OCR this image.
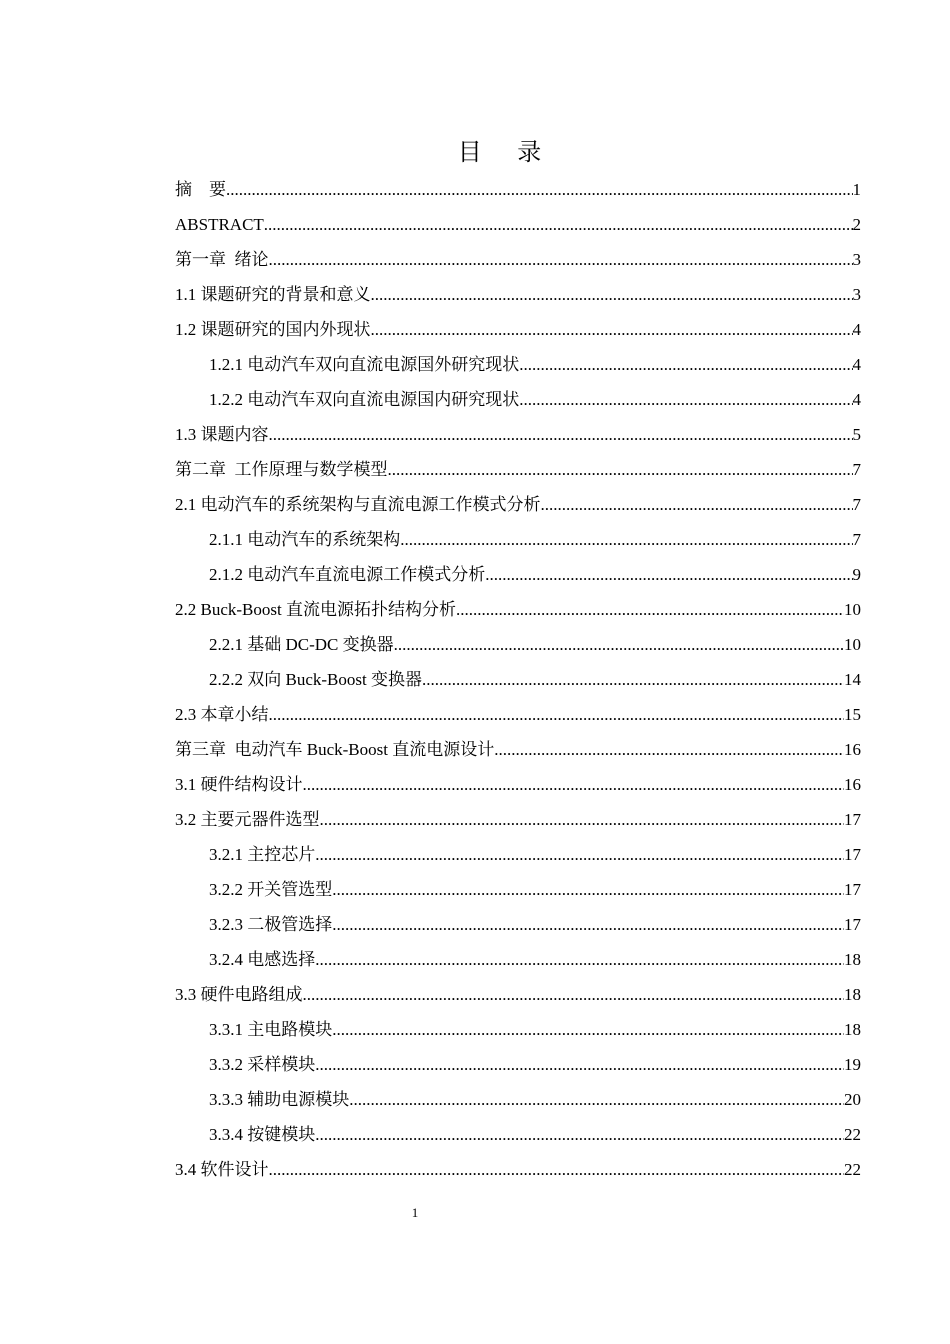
目    录
摘    要 .....	1
ABSTRACT .....	2
第一章  绪论 .....	3
1.1 课题研究的背景和意义 .....	3
1.2 课题研究的国内外现状 .....	4
1.2.1 电动汽车双向直流电源国外研究现状 .....	4
1.2.2 电动汽车双向直流电源国内研究现状 .....	4
1.3 课题内容 .....	5
第二章  工作原理与数学模型 .....	7
2.1 电动汽车的系统架构与直流电源工作模式分析 .....	7
2.1.1 电动汽车的系统架构 .....	7
2.1.2 电动汽车直流电源工作模式分析 .....	9
2.2 Buck-Boost 直流电源拓扑结构分析 .....	10
2.2.1 基础 DC-DC 变换器 .....	10
2.2.2 双向 Buck-Boost 变换器 .....	14
2.3 本章小结 .....	15
第三章  电动汽车 Buck-Boost 直流电源设计 .....	16
3.1 硬件结构设计 .....	16
3.2 主要元器件选型 .....	17
3.2.1 主控芯片 .....	17
3.2.2 开关管选型 .....	17
3.2.3 二极管选择 .....	17
3.2.4 电感选择 .....	18
3.3 硬件电路组成 .....	18
3.3.1 主电路模块 .....	18
3.3.2 采样模块 .....	19
3.3.3 辅助电源模块 .....	20
3.3.4 按键模块 .....	22
3.4 软件设计 .....	22
1
